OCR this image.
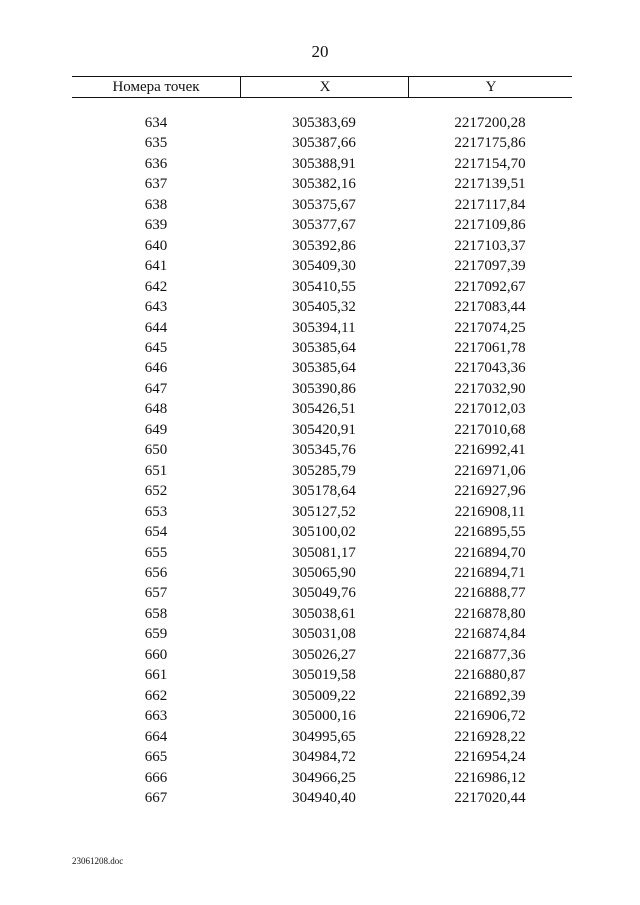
20
Номера точек	X	Y
634	305383,69	2217200,28
635	305387,66	2217175,86
636	305388,91	2217154,70
637	305382,16	2217139,51
638	305375,67	2217117,84
639	305377,67	2217109,86
640	305392,86	2217103,37
641	305409,30	2217097,39
642	305410,55	2217092,67
643	305405,32	2217083,44
644	305394,11	2217074,25
645	305385,64	2217061,78
646	305385,64	2217043,36
647	305390,86	2217032,90
648	305426,51	2217012,03
649	305420,91	2217010,68
650	305345,76	2216992,41
651	305285,79	2216971,06
652	305178,64	2216927,96
653	305127,52	2216908,11
654	305100,02	2216895,55
655	305081,17	2216894,70
656	305065,90	2216894,71
657	305049,76	2216888,77
658	305038,61	2216878,80
659	305031,08	2216874,84
660	305026,27	2216877,36
661	305019,58	2216880,87
662	305009,22	2216892,39
663	305000,16	2216906,72
664	304995,65	2216928,22
665	304984,72	2216954,24
666	304966,25	2216986,12
667	304940,40	2217020,44
23061208.doc
